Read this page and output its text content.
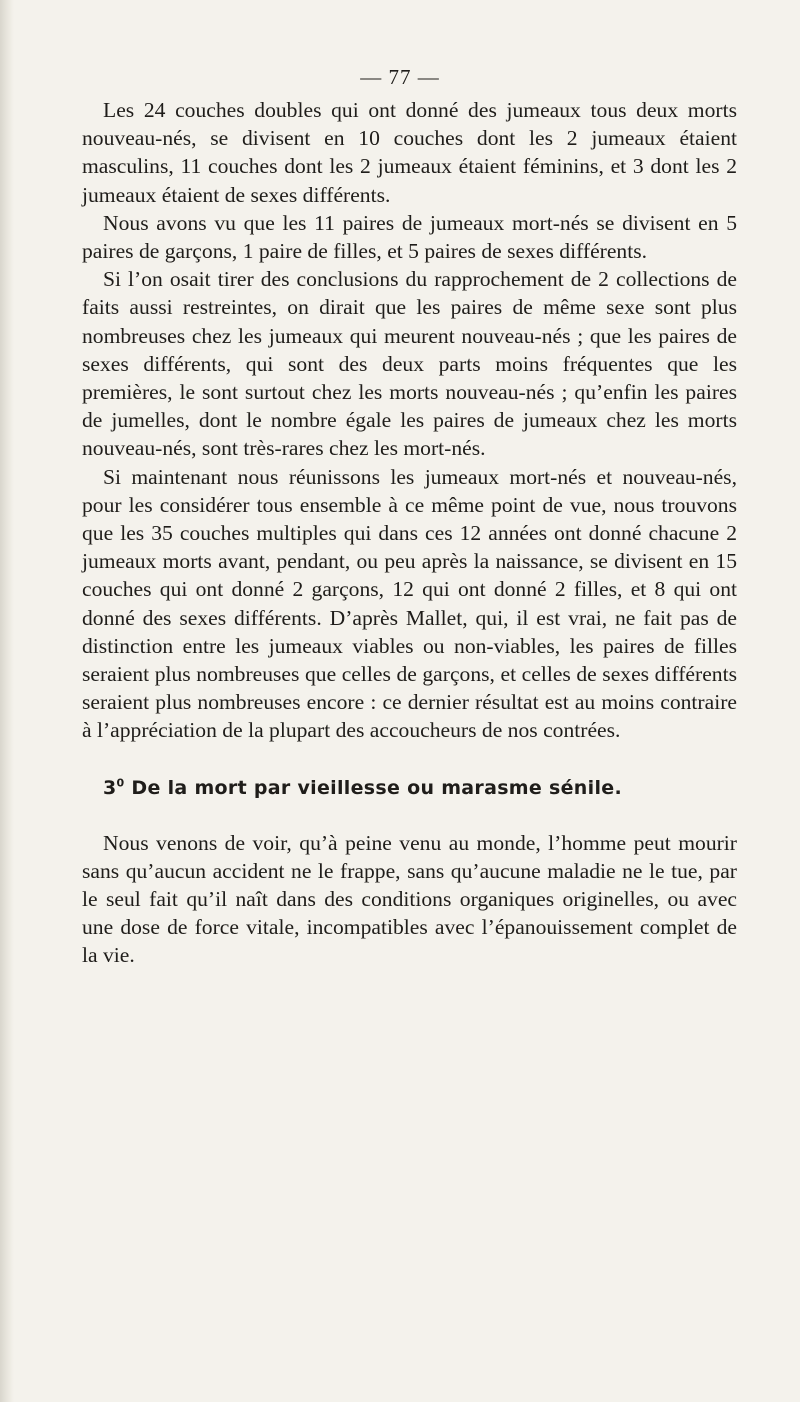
— 77 —

Les 24 couches doubles qui ont donné des jumeaux tous deux morts nouveau-nés, se divisent en 10 couches dont les 2 jumeaux étaient masculins, 11 couches dont les 2 jumeaux étaient féminins, et 3 dont les 2 jumeaux étaient de sexes différents.

Nous avons vu que les 11 paires de jumeaux mort-nés se divisent en 5 paires de garçons, 1 paire de filles, et 5 paires de sexes différents.

Si l’on osait tirer des conclusions du rapprochement de 2 collections de faits aussi restreintes, on dirait que les paires de même sexe sont plus nombreuses chez les jumeaux qui meurent nouveau-nés ; que les paires de sexes différents, qui sont des deux parts moins fréquentes que les premières, le sont surtout chez les morts nouveau-nés ; qu’enfin les paires de jumelles, dont le nombre égale les paires de jumeaux chez les morts nouveau-nés, sont très-rares chez les mort-nés.

Si maintenant nous réunissons les jumeaux mort-nés et nouveau-nés, pour les considérer tous ensemble à ce même point de vue, nous trouvons que les 35 couches multiples qui dans ces 12 années ont donné chacune 2 jumeaux morts avant, pendant, ou peu après la naissance, se divisent en 15 couches qui ont donné 2 garçons, 12 qui ont donné 2 filles, et 8 qui ont donné des sexes différents. D’après Mallet, qui, il est vrai, ne fait pas de distinction entre les jumeaux viables ou non-viables, les paires de filles seraient plus nombreuses que celles de garçons, et celles de sexes différents seraient plus nombreuses encore : ce dernier résultat est au moins contraire à l’appréciation de la plupart des accoucheurs de nos contrées.

$3^0$ De la mort par vieillesse ou marasme sénile.

Nous venons de voir, qu’à peine venu au monde, l’homme peut mourir sans qu’aucun accident ne le frappe, sans qu’aucune maladie ne le tue, par le seul fait qu’il naît dans des conditions organiques originelles, ou avec une dose de force vitale, incompatibles avec l’épanouissement complet de la vie.
